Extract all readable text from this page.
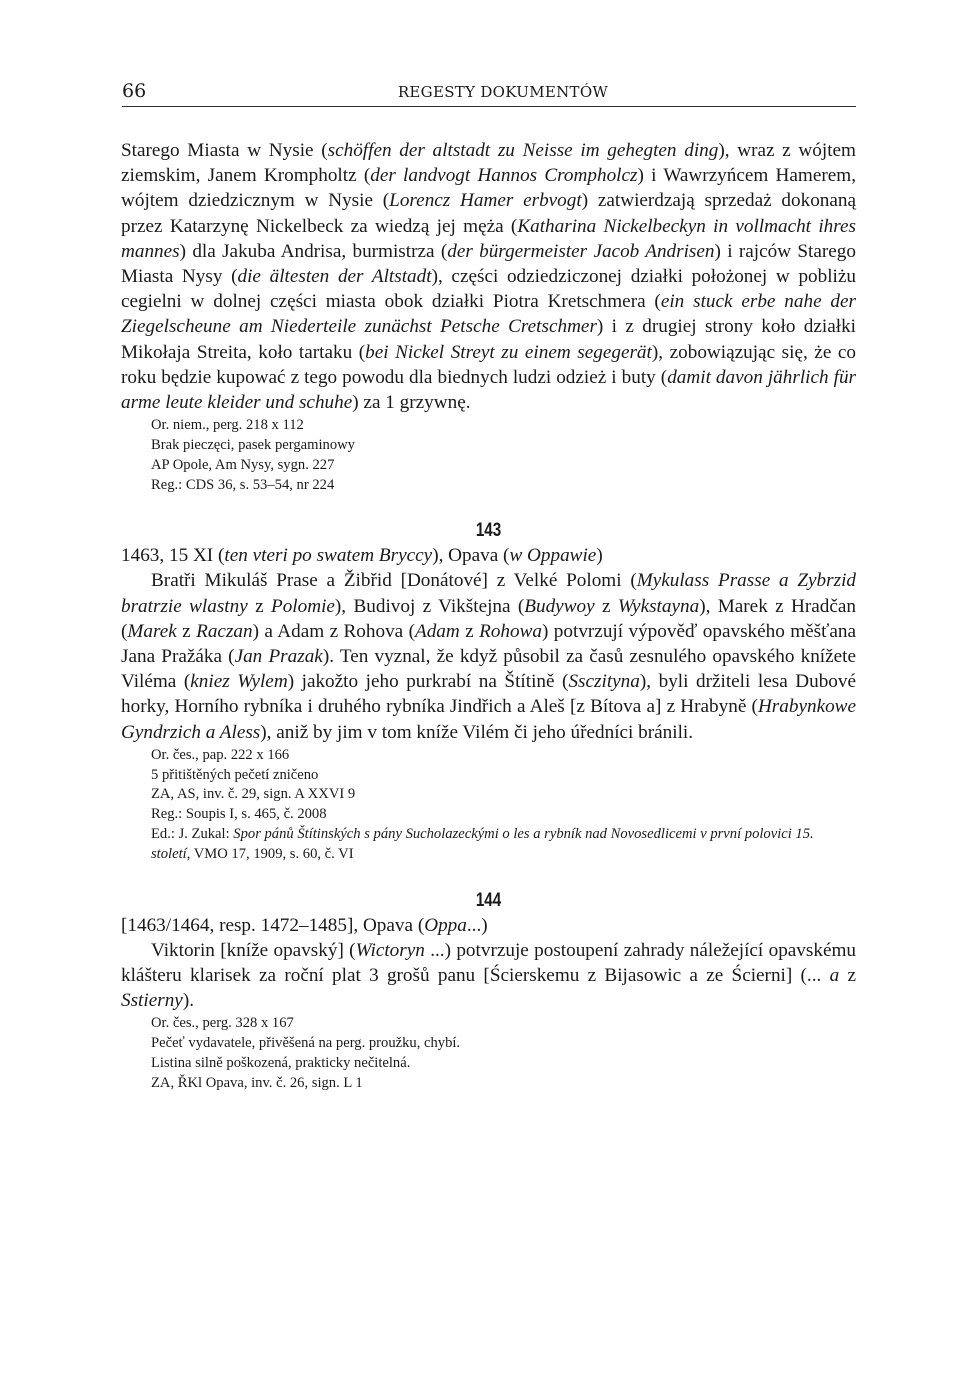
66	REGESTY DOKUMENTÓW

Starego Miasta w Nysie (schöffen der altstadt zu Neisse im gehegten ding), wraz z wójtem ziemskim, Janem Krompholtz (der landvogt Hannos Crompholcz) i Wawrzyńcem Hamerem, wójtem dziedzicznym w Nysie (Lorencz Hamer erbvogt) zatwierdzają sprzedaż dokonaną przez Katarzynę Nickelbeck za wiedzą jej męża (Katharina Nickelbeckyn in vollmacht ihres mannes) dla Jakuba Andrisa, burmistrza (der bürgermeister Jacob Andrisen) i rajców Starego Miasta Nysy (die ältesten der Altstadt), części odziedziczonej działki położonej w pobliżu cegielni w dolnej części miasta obok działki Piotra Kretschmera (ein stuck erbe nahe der Ziegelscheune am Niederteile zunächst Petsche Cretschmer) i z drugiej strony koło działki Mikołaja Streita, koło tartaku (bei Nickel Streyt zu einem segegerät), zobowiązując się, że co roku będzie kupować z tego powodu dla biednych ludzi odzież i buty (damit davon jährlich für arme leute kleider und schuhe) za 1 grzywnę.

Or. niem., perg. 218 x 112

Brak pieczęci, pasek pergaminowy

AP Opole, Am Nysy, sygn. 227

Reg.: CDS 36, s. 53–54, nr 224

143

1463, 15 XI (ten vteri po swatem Bryccy), Opava (w Oppawie)

Bratři Mikuláš Prase a Žibřid [Donátové] z Velké Polomi (Mykulass Prasse a Zybrzid bratrzie wlastny z Polomie), Budivoj z Vikštejna (Budywoy z Wykstayna), Marek z Hradčan (Marek z Raczan) a Adam z Rohova (Adam z Rohowa) potvrzují výpověď opavského měšťana Jana Pražáka (Jan Prazak). Ten vyznal, že když působil za časů zesnulého opavského knížete Viléma (kniez Wylem) jakožto jeho purkrabí na Štítině (Ssczityna), byli držiteli lesa Dubové horky, Horního rybníka i druhého rybníka Jindřich a Aleš [z Bítova a] z Hrabyně (Hrabynkowe Gyndrzich a Aless), aniž by jim v tom kníže Vilém či jeho úředníci bránili.

Or. čes., pap. 222 x 166

5 přitištěných pečetí zničeno

ZA, AS, inv. č. 29, sign. A XXVI 9

Reg.: Soupis I, s. 465, č. 2008

Ed.: J. Zukal: Spor pánů Štítinských s pány Sucholazeckými o les a rybník nad Novosedlicemi v první polovici 15. století, VMO 17, 1909, s. 60, č. VI

144

[1463/1464, resp. 1472–1485], Opava (Oppa...)

Viktorin [kníže opavský] (Wictoryn ...) potvrzuje postoupení zahrady náležející opavskému klášteru klarisek za roční plat 3 grošů panu [Ścierskemu z Bijasowic a ze Ścierni] (... a z Sstierny).

Or. čes., perg. 328 x 167

Pečeť vydavatele, přivěšená na perg. proužku, chybí.

Listina silně poškozená, prakticky nečitelná.

ZA, ŘKl Opava, inv. č. 26, sign. L 1
